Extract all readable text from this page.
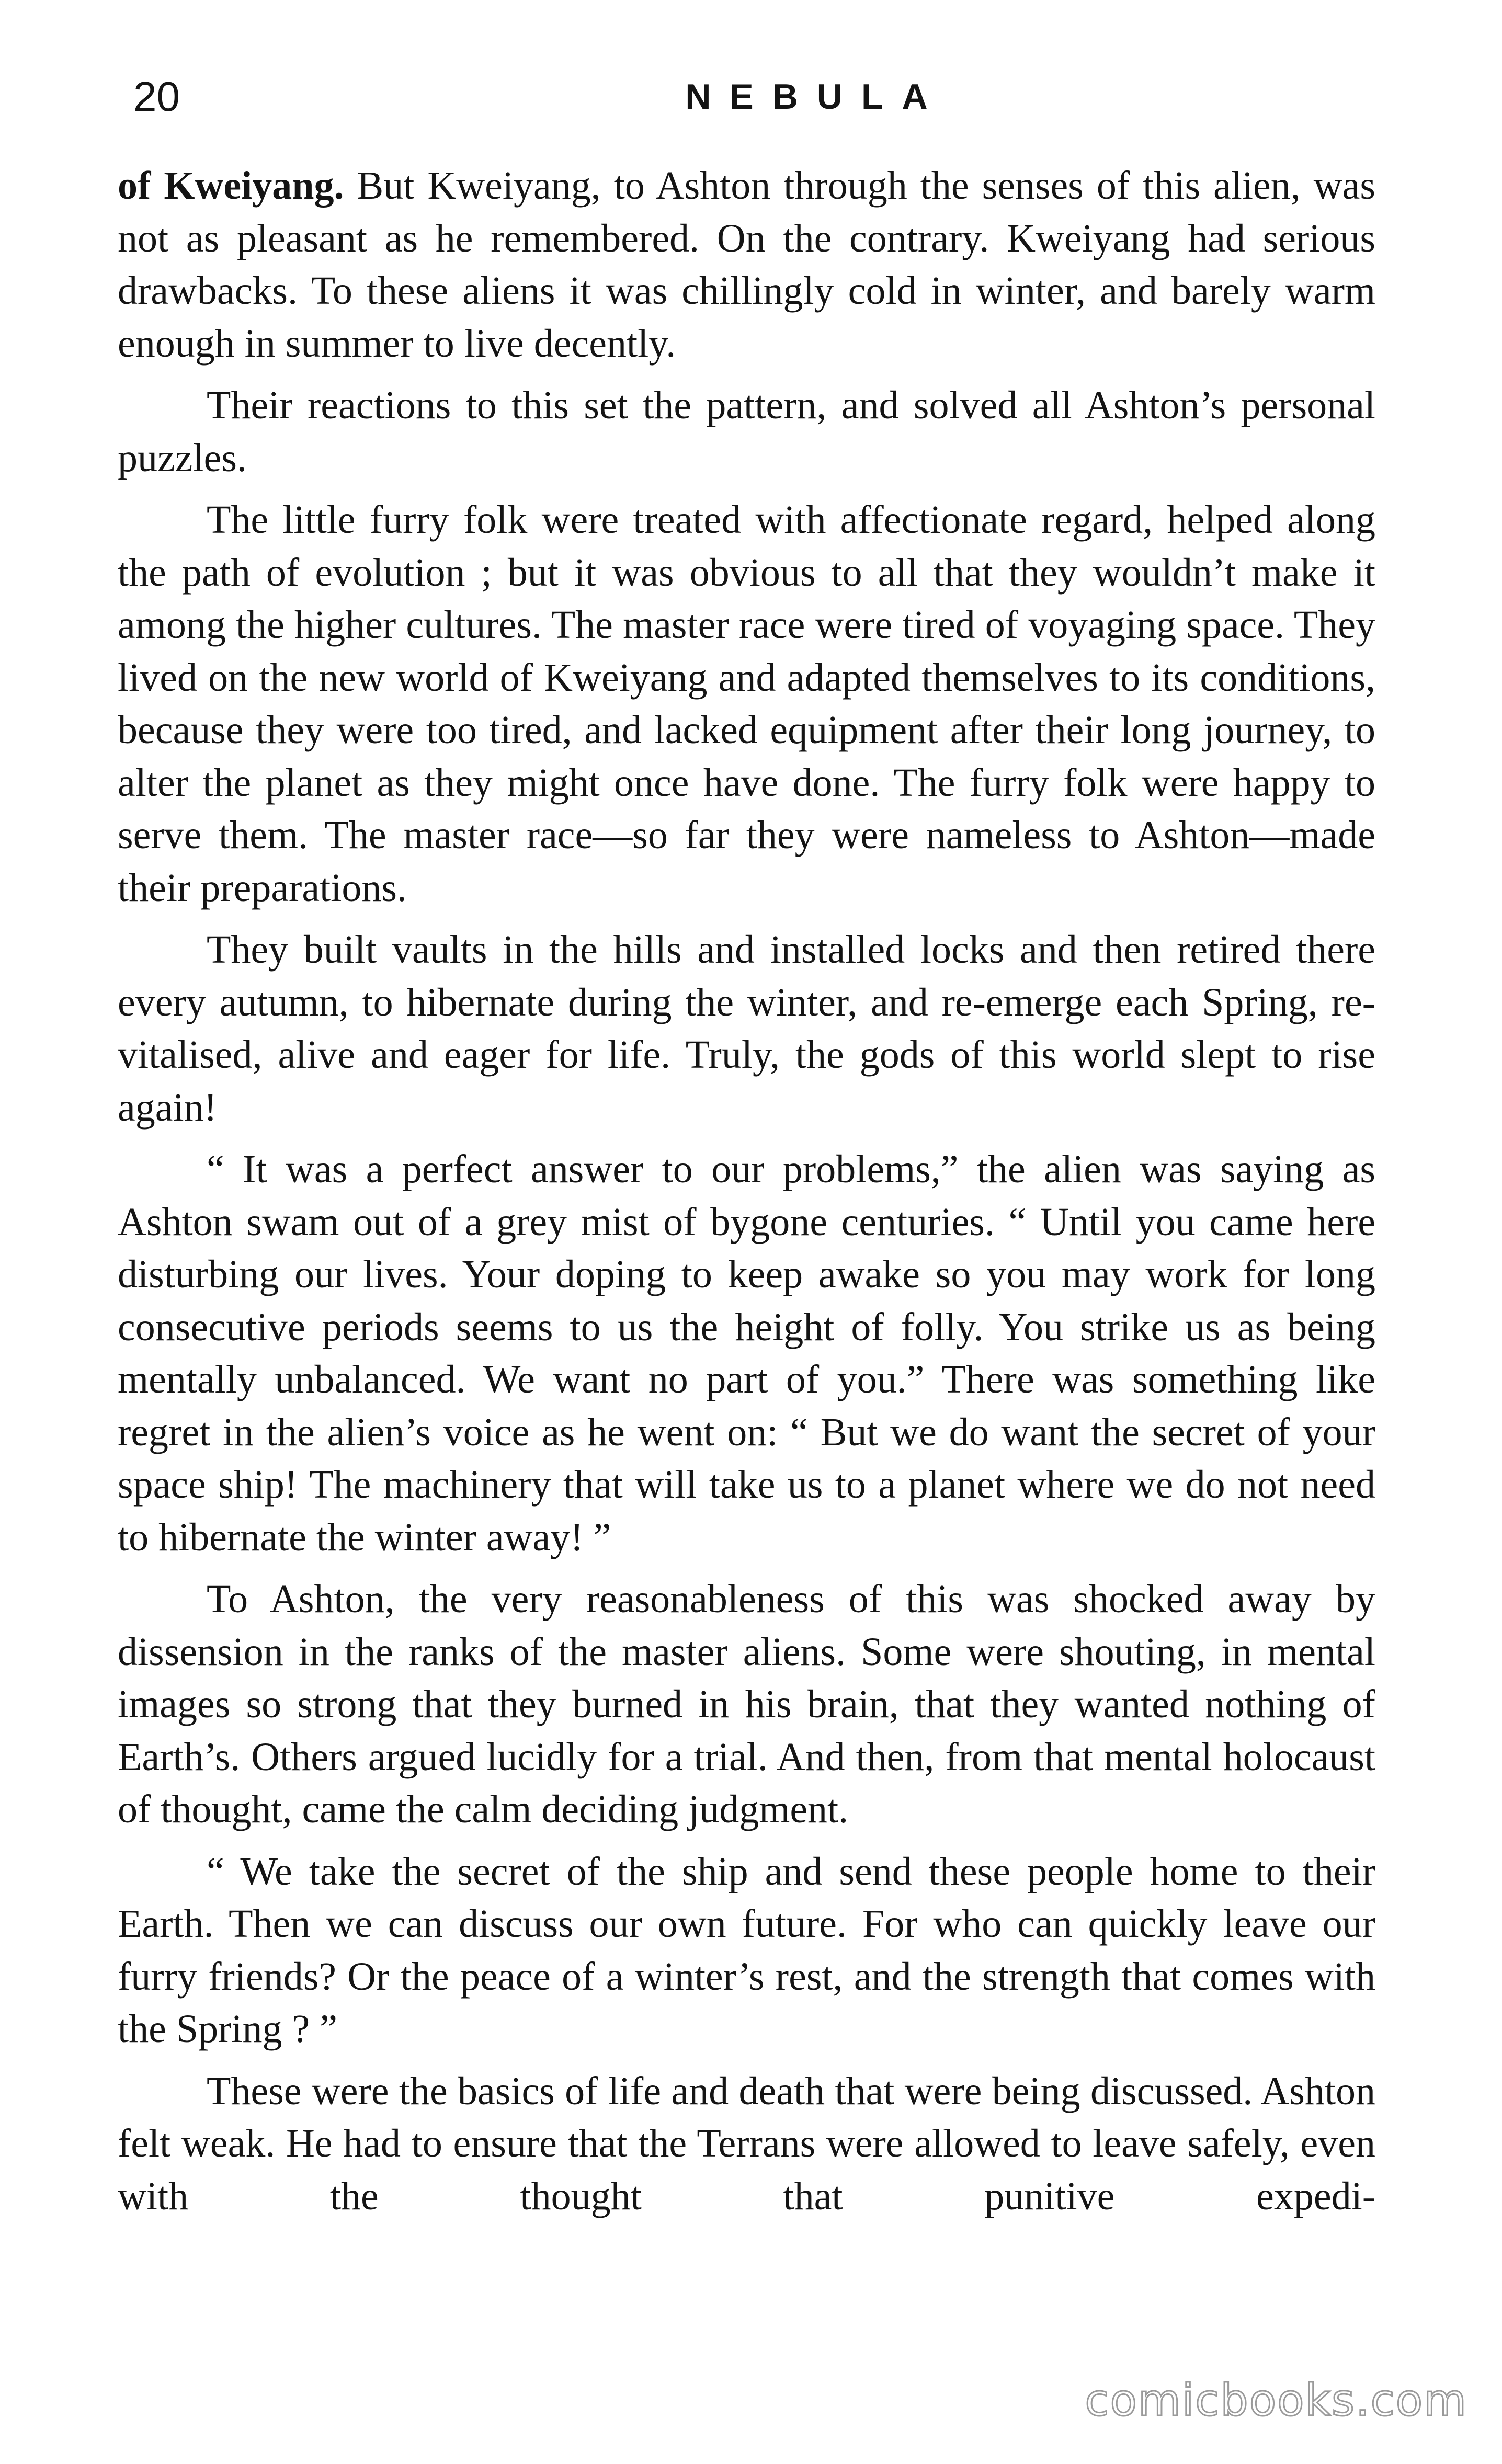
20	NEBULA

of Kweiyang. But Kweiyang, to Ashton through the senses of this alien, was not as pleasant as he remembered. On the contrary. Kweiyang had serious drawbacks. To these aliens it was chillingly cold in winter, and barely warm enough in summer to live decently.

Their reactions to this set the pattern, and solved all Ashton’s personal puzzles.

The little furry folk were treated with affectionate regard, helped along the path of evolution ; but it was obvious to all that they wouldn’t make it among the higher cultures. The master race were tired of voyaging space. They lived on the new world of Kweiyang and adapted themselves to its conditions, because they were too tired, and lacked equipment after their long journey, to alter the planet as they might once have done. The furry folk were happy to serve them. The master race—so far they were nameless to Ashton—made their preparations.

They built vaults in the hills and installed locks and then retired there every autumn, to hibernate during the winter, and re-emerge each Spring, re-vitalised, alive and eager for life. Truly, the gods of this world slept to rise again!

“ It was a perfect answer to our problems,” the alien was saying as Ashton swam out of a grey mist of bygone centuries. “ Until you came here disturbing our lives. Your doping to keep awake so you may work for long consecutive periods seems to us the height of folly. You strike us as being mentally unbalanced. We want no part of you.” There was something like regret in the alien’s voice as he went on: “ But we do want the secret of your space ship! The machinery that will take us to a planet where we do not need to hibernate the winter away! ”

To Ashton, the very reasonableness of this was shocked away by dissension in the ranks of the master aliens. Some were shouting, in mental images so strong that they burned in his brain, that they wanted nothing of Earth’s. Others argued lucidly for a trial. And then, from that mental holocaust of thought, came the calm deciding judgment.

“ We take the secret of the ship and send these people home to their Earth. Then we can discuss our own future. For who can quickly leave our furry friends? Or the peace of a winter’s rest, and the strength that comes with the Spring ? ”

These were the basics of life and death that were being discussed. Ashton felt weak. He had to ensure that the Terrans were allowed to leave safely, even with the thought that punitive expedi-

comicbooks.com
